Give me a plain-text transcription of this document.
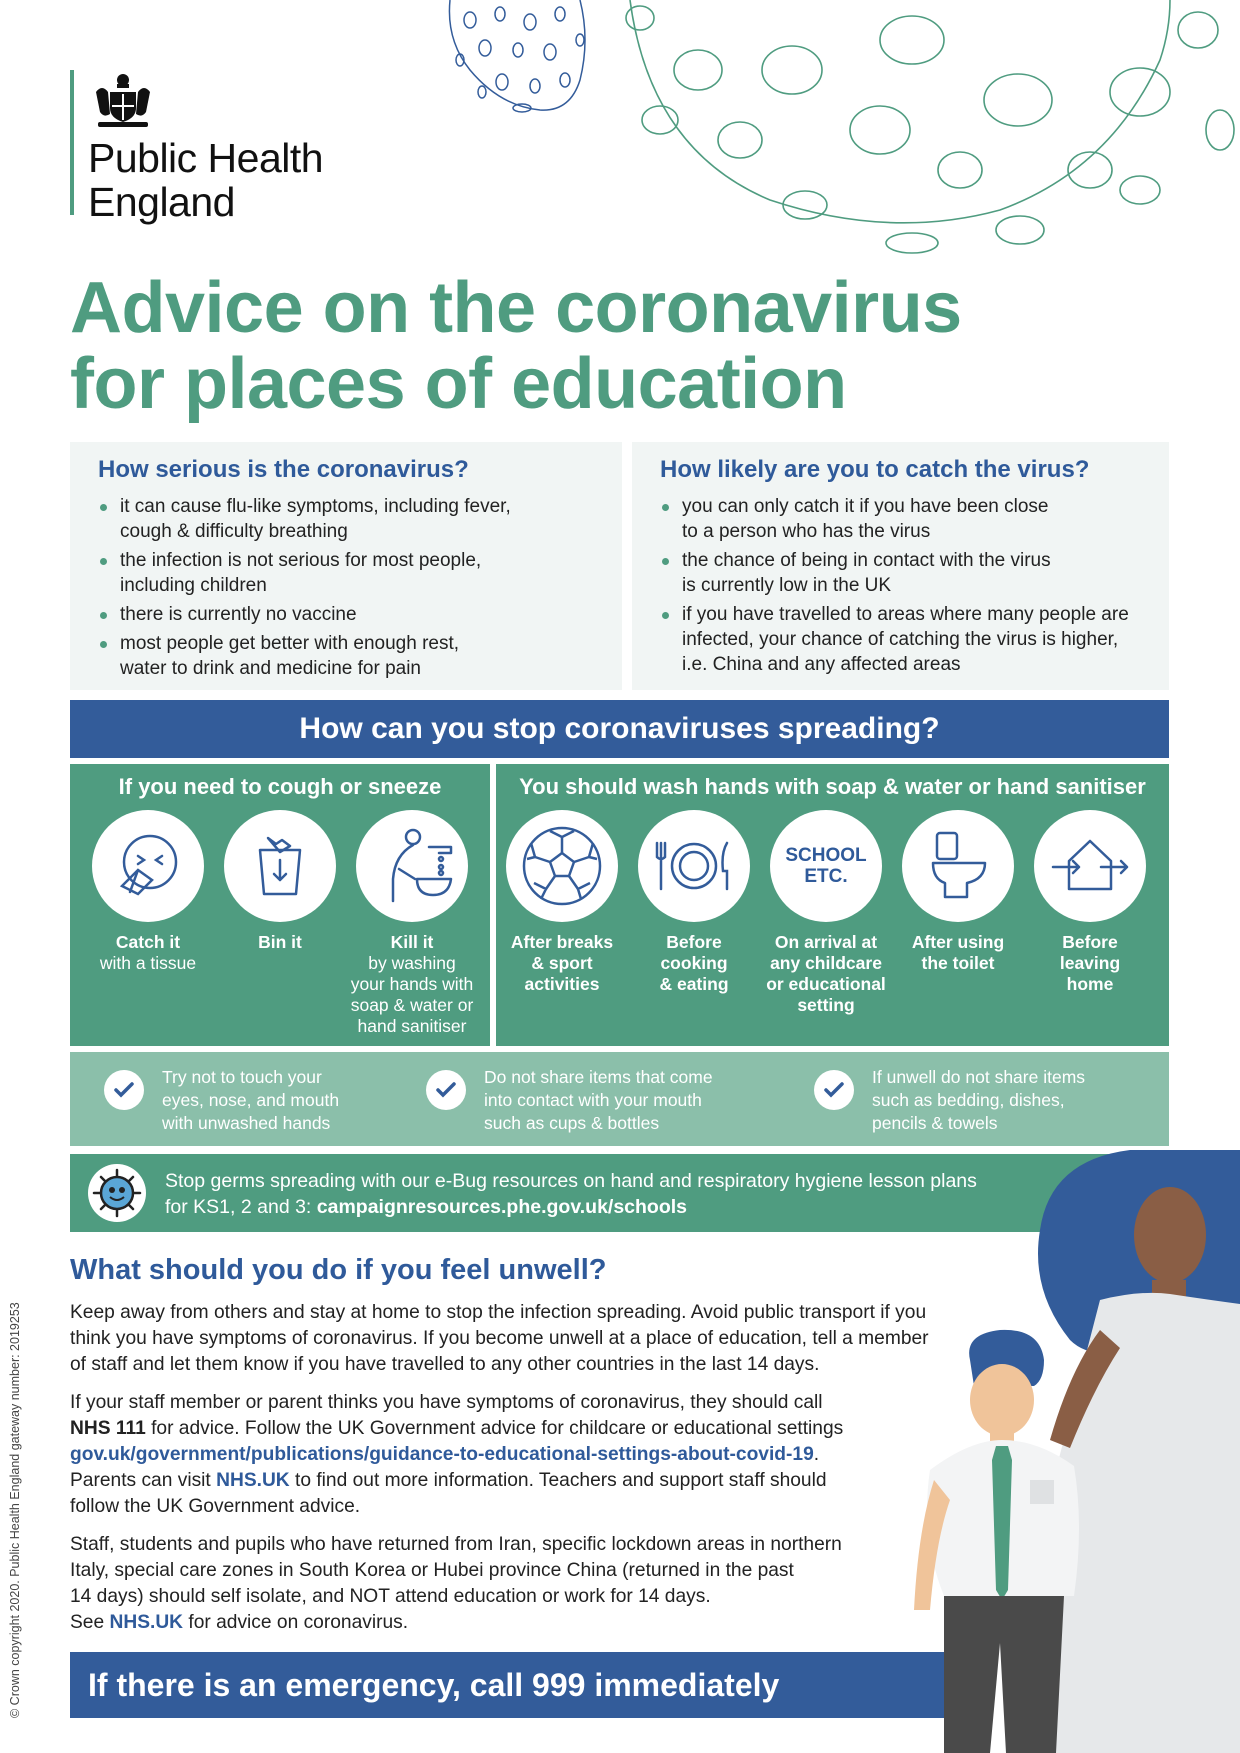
Public Health
England
Advice on the coronavirus
for places of education
How serious is the coronavirus?
it can cause flu-like symptoms, including fever,
cough & difficulty breathing
the infection is not serious for most people,
including children
there is currently no vaccine
most people get better with enough rest,
water to drink and medicine for pain
How likely are you to catch the virus?
you can only catch it if you have been close
to a person who has the virus
the chance of being in contact with the virus
is currently low in the UK
if you have travelled to areas where many people are
infected, your chance of catching the virus is higher,
i.e. China and any affected areas
How can you stop coronaviruses spreading?
If you need to cough or sneeze
Catch it
with a tissue
Bin it	Kill it
by washing
your hands with
soap & water or
hand sanitiser
You should wash hands with soap & water or hand sanitiser
After breaks
& sport
activities
Before
cooking
& eating
SCHOOL
ETC.
On arrival at
any childcare
or educational
setting
After using
the toilet
Before
leaving
home
Try not to touch your
eyes, nose, and mouth
with unwashed hands
Do not share items that come
into contact with your mouth
such as cups & bottles
If unwell do not share items
such as bedding, dishes,
pencils & towels
Stop germs spreading with our e-Bug resources on hand and respiratory hygiene lesson plans
for KS1, 2 and 3: campaignresources.phe.gov.uk/schools
What should you do if you feel unwell?
Keep away from others and stay at home to stop the infection spreading. Avoid public transport if you
think you have symptoms of coronavirus. If you become unwell at a place of education, tell a member
of staff and let them know if you have travelled to any other countries in the last 14 days.
If your staff member or parent thinks you have symptoms of coronavirus, they should call
NHS 111 for advice. Follow the UK Government advice for childcare or educational settings
gov.uk/government/publications/guidance-to-educational-settings-about-covid-19.
Parents can visit NHS.UK to find out more information. Teachers and support staff should
follow the UK Government advice.
Staff, students and pupils who have returned from Iran, specific lockdown areas in northern
Italy, special care zones in South Korea or Hubei province China (returned in the past
14 days) should self isolate, and NOT attend education or work for 14 days.
See NHS.UK for advice on coronavirus.
If there is an emergency, call 999 immediately
© Crown copyright 2020. Public Health England gateway number: 2019253
